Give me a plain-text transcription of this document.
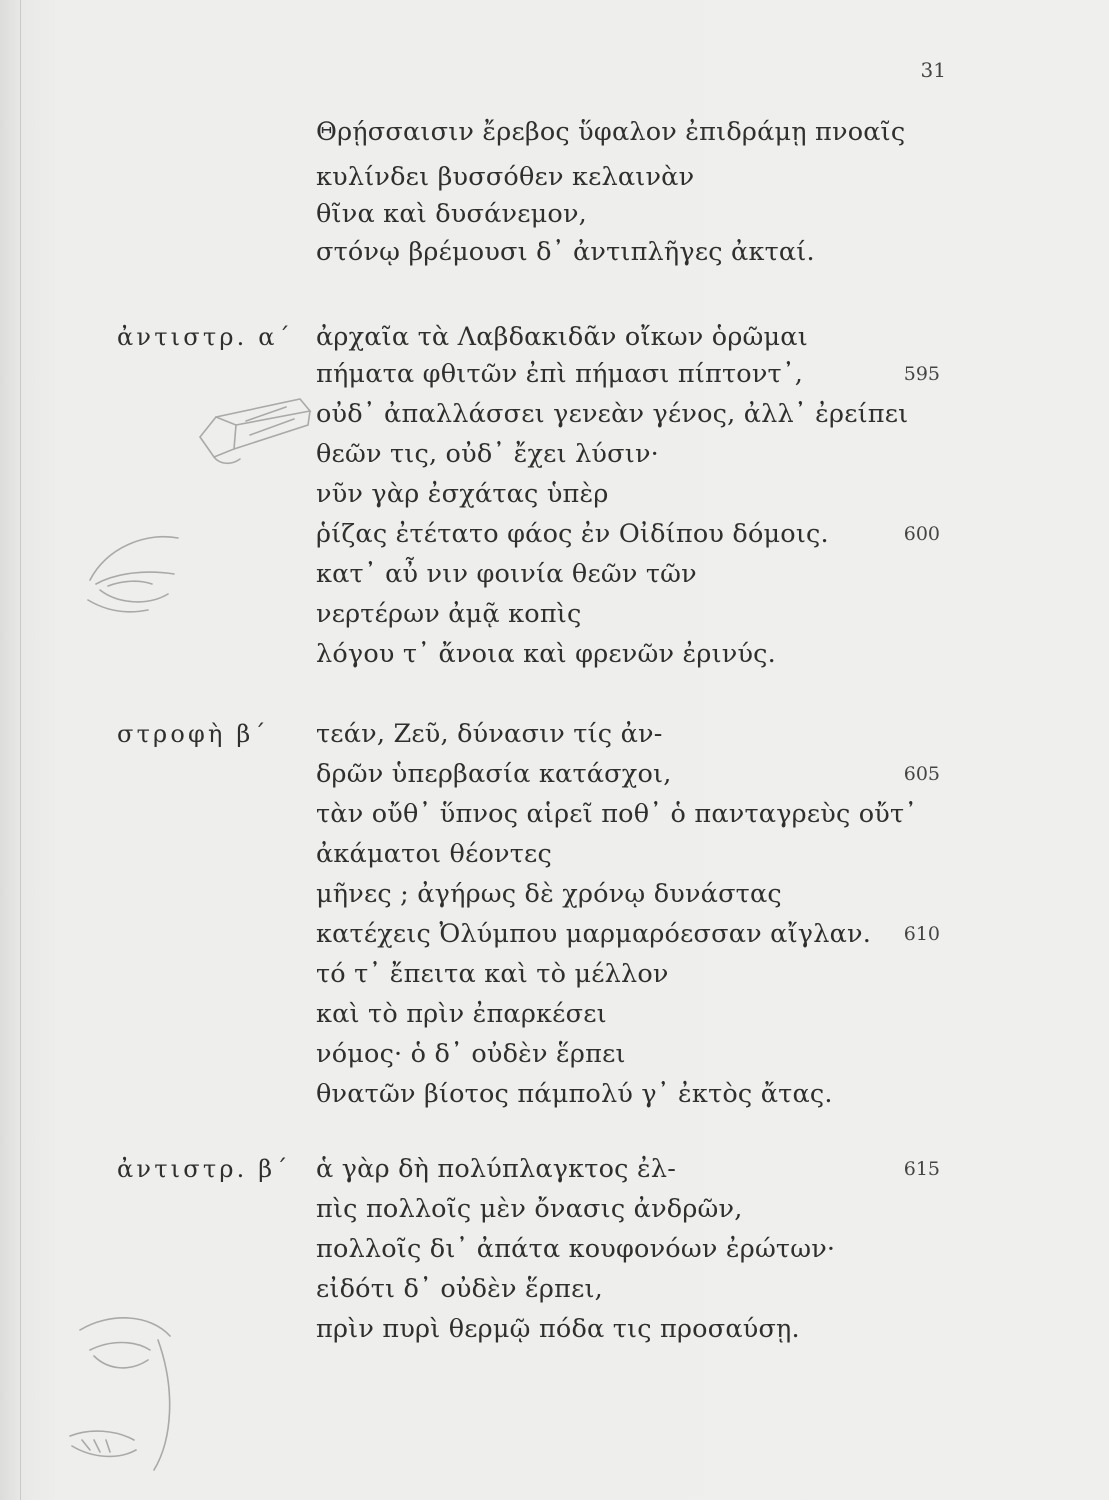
31
Θρῄσσαισιν ἔρεβος ὕφαλον ἐπιδράμῃ πνοαῖς
κυλίνδει βυσσόθεν κελαινὰν
θῖνα καὶ δυσάνεμον,
στόνῳ βρέμουσι δ᾽ ἀντιπλῆγες ἀκταί.
ἀντιστρ. α´ ἀρχαῖα τὰ Λαβδακιδᾶν οἴκων ὁρῶμαι
πήματα φθιτῶν ἐπὶ πήμασι πίπτοντ᾽,	595
οὐδ᾽ ἀπαλλάσσει γενεὰν γένος, ἀλλ᾽ ἐρείπει
θεῶν τις, οὐδ᾽ ἔχει λύσιν·
νῦν γὰρ ἐσχάτας ὑπὲρ
ῥίζας ἐτέτατο φάος ἐν Οἰδίπου δόμοις.	600
κατ᾽ αὖ νιν φοινία θεῶν τῶν
νερτέρων ἀμᾷ κοπὶς
λόγου τ᾽ ἄνοια καὶ φρενῶν ἐρινύς.
στροφὴ β´ τεάν, Ζεῦ, δύνασιν τίς ἀν-
δρῶν ὑπερβασία κατάσχοι,	605
τὰν οὔθ᾽ ὕπνος αἱρεῖ ποθ᾽ ὁ πανταγρεὺς οὔτ᾽
ἀκάματοι θέοντες
μῆνες ; ἀγήρως δὲ χρόνῳ δυνάστας
κατέχεις Ὀλύμπου μαρμαρόεσσαν αἴγλαν.	610
τό τ᾽ ἔπειτα καὶ τὸ μέλλον
καὶ τὸ πρὶν ἐπαρκέσει
νόμος· ὁ δ᾽ οὐδὲν ἕρπει
θνατῶν βίοτος πάμπολύ γ᾽ ἐκτὸς ἄτας.
ἀντιστρ. β´ ἁ γὰρ δὴ πολύπλαγκτος ἐλ-	615
πὶς πολλοῖς μὲν ὄνασις ἀνδρῶν,
πολλοῖς δι᾽ ἀπάτα κουφονόων ἐρώτων·
εἰδότι δ᾽ οὐδὲν ἕρπει,
πρὶν πυρὶ θερμῷ πόδα τις προσαύσῃ.
